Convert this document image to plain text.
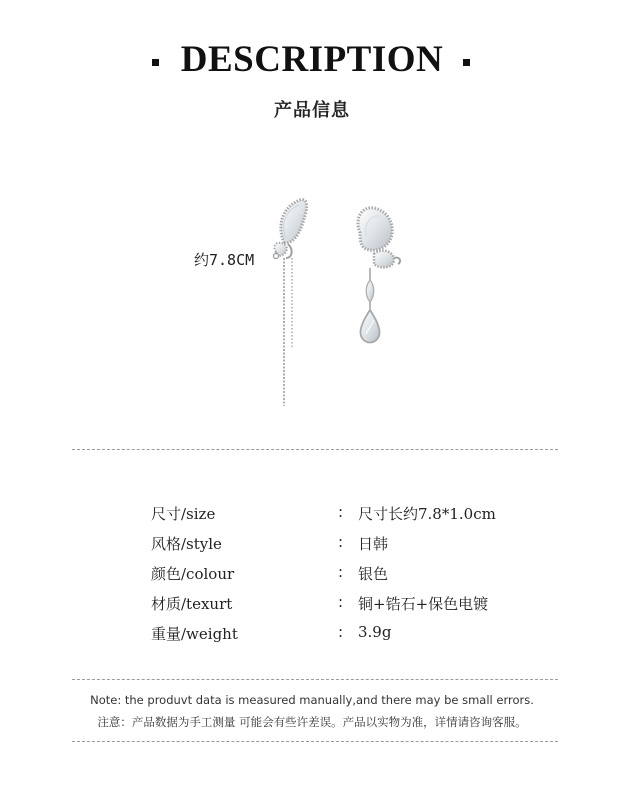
DESCRIPTION
产品信息
约7.8CM
尺寸/size	: 尺寸长约7.8*1.0cm
风格/style	: 日韩
颜色/colour	: 银色
材质/texurt	: 铜+锆石+保色电镀
重量/weight	: 3.9g
Note: the produvt data is measured manually,and there may be small errors.
注意：产品数据为手工测量 可能会有些许差误。产品以实物为准，详情请咨询客服。
